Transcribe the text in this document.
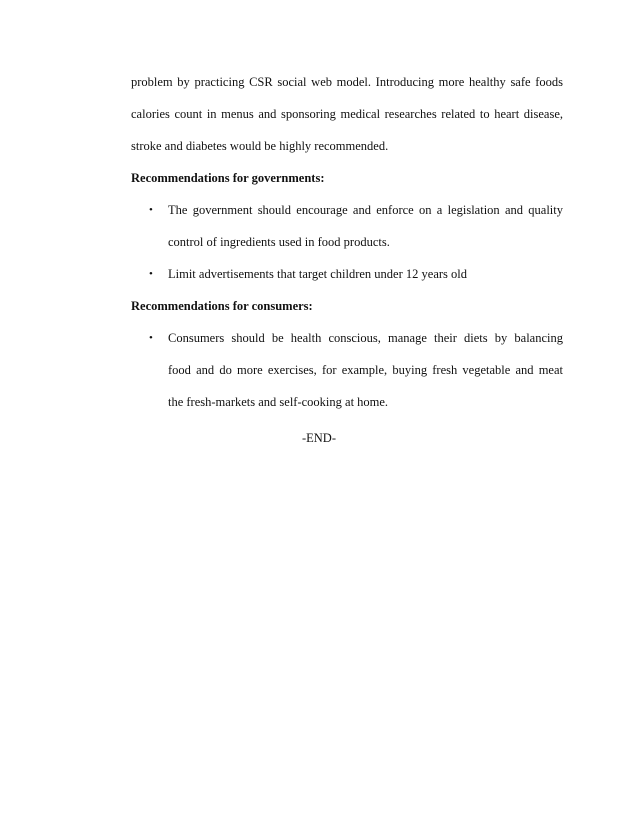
problem by practicing CSR social web model. Introducing more healthy safe foods
calories count in menus and sponsoring medical researches related to heart disease,
stroke and diabetes would be highly recommended.
Recommendations for governments:
• The government should encourage and enforce on a legislation and quality
control of ingredients used in food products.
• Limit advertisements that target children under 12 years old
Recommendations for consumers:
• Consumers should be health conscious, manage their diets by balancing
food and do more exercises, for example, buying fresh vegetable and meat
the fresh-markets and self-cooking at home.
-END-
